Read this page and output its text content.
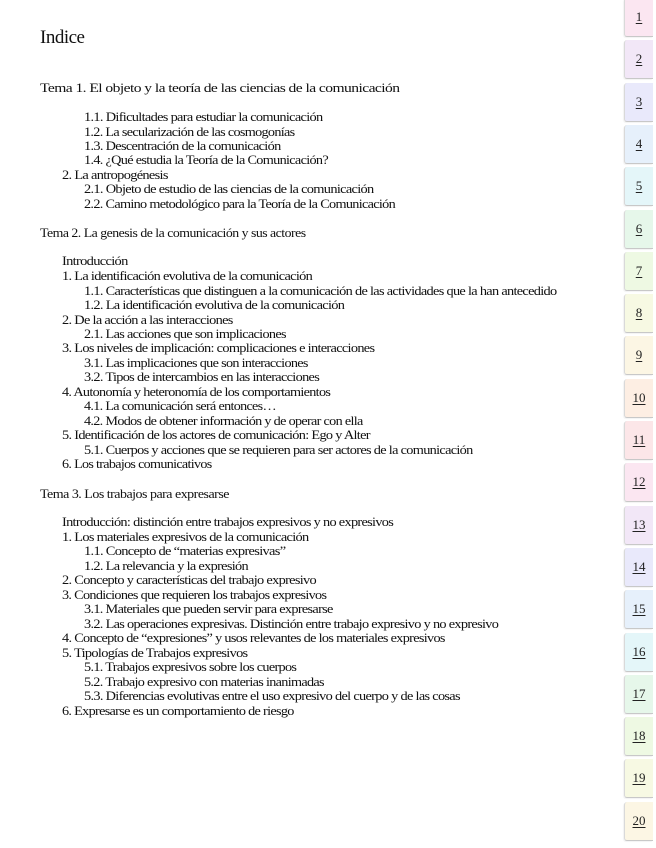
Indice
Tema 1. El objeto y la teoría de las ciencias de la comunicación
1.1. Dificultades para estudiar la comunicación
1.2. La secularización de las cosmogonías
1.3. Descentración de la comunicación
1.4. ¿Qué estudia la Teoría de la Comunicación?
2. La antropogénesis
2.1. Objeto de estudio de las ciencias de la comunicación
2.2. Camino metodológico para la Teoría de la Comunicación
Tema 2. La genesis de la comunicación y sus actores
Introducción
1. La identificación evolutiva de la comunicación
1.1. Características que distinguen a la comunicación de las actividades que la han antecedido
1.2. La identificación evolutiva de la comunicación
2. De la acción a las interacciones
2.1. Las acciones que son implicaciones
3. Los niveles de implicación: complicaciones e interacciones
3.1. Las implicaciones que son interacciones
3.2. Tipos de intercambios en las interacciones
4. Autonomía y heteronomía de los comportamientos
4.1. La comunicación será entonces…
4.2. Modos de obtener información y de operar con ella
5. Identificación de los actores de comunicación: Ego y Alter
5.1. Cuerpos y acciones que se requieren para ser actores de la comunicación
6. Los trabajos comunicativos
Tema 3. Los trabajos para expresarse
Introducción: distinción entre trabajos expresivos y no expresivos
1. Los materiales expresivos de la comunicación
1.1. Concepto de “materias expresivas”
1.2. La relevancia y la expresión
2. Concepto y características del trabajo expresivo
3. Condiciones que requieren los trabajos expresivos
3.1. Materiales que pueden servir para expresarse
3.2. Las operaciones expresivas. Distinción entre trabajo expresivo y no expresivo
4. Concepto de “expresiones” y usos relevantes de los materiales expresivos
5. Tipologías de Trabajos expresivos
5.1. Trabajos expresivos sobre los cuerpos
5.2. Trabajo expresivo con materias inanimadas
5.3. Diferencias evolutivas entre el uso expresivo del cuerpo y de las cosas
6. Expresarse es un comportamiento de riesgo
1
2
3
4
5
6
7
8
9
10
11
12
13
14
15
16
17
18
19
20
